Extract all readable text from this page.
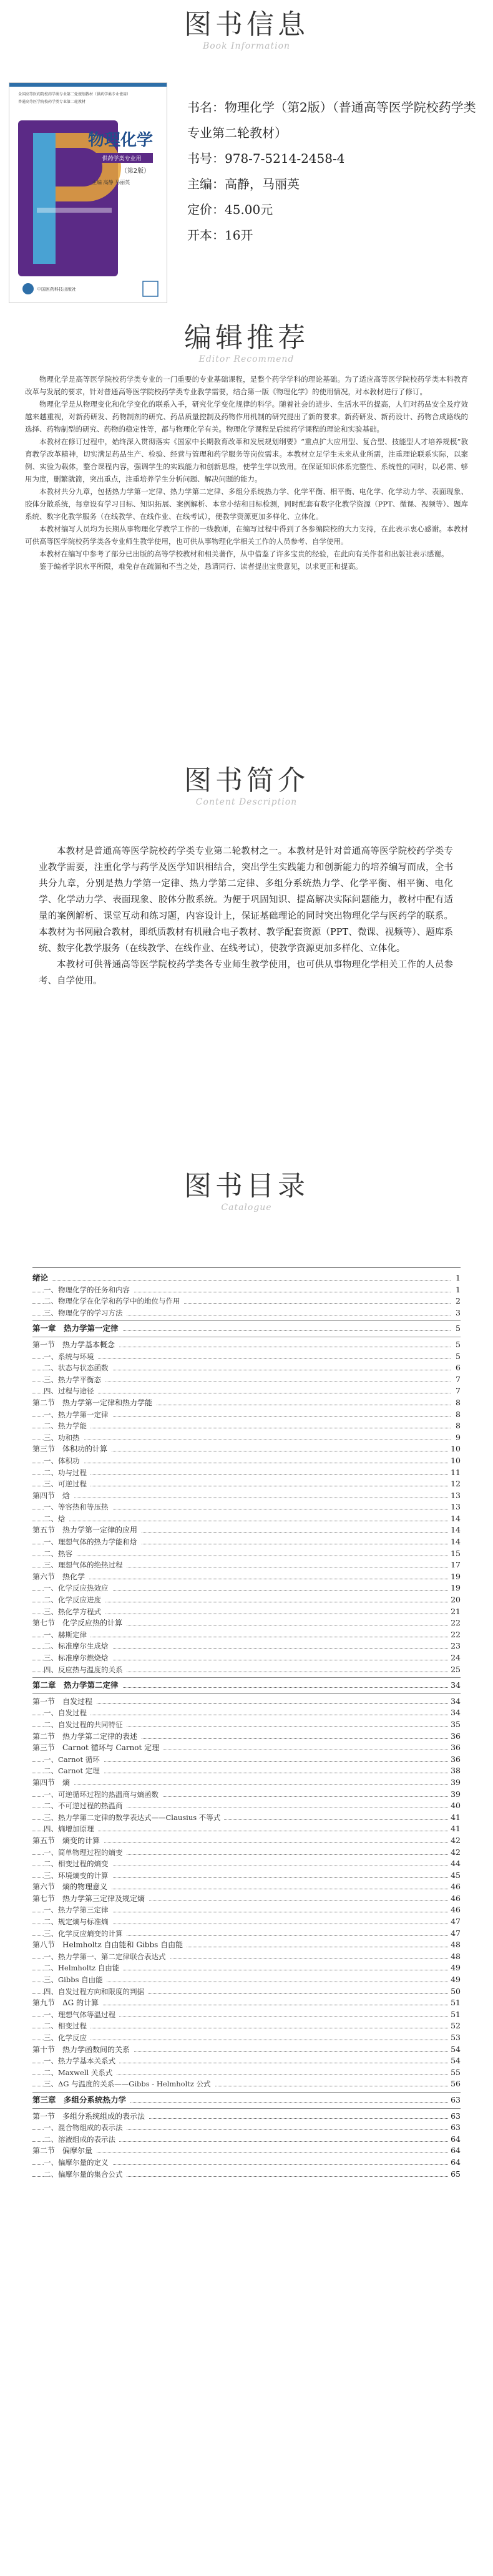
图书信息
Book Information
全国高等医药院校药学类专业第二轮规划教材（供药学类专业使用）
普通高等医学院校药学类专业第二轮教材
物理化学
供药学类专业用
（第2版）
主编 高静 马丽英
中国医药科技出版社
书名：物理化学（第2版）（普通高等医学院校药学类专业第二轮教材）
书号：978-7-5214-2458-4
主编：高静，马丽英
定价：45.00元
开本：16开
编辑推荐
Editor Recommend

物理化学是高等医学院校药学类专业的一门重要的专业基础课程，是整个药学学科的理论基础。为了适应高等医学院校药学类本科教育改革与发展的要求，针对普通高等医学院校药学类专业教学需要，结合第一版《物理化学》的使用情况，对本教材进行了修订。

物理化学是从物理变化和化学变化的联系入手，研究化学变化规律的科学。随着社会的进步、生活水平的提高，人们对药品安全及疗效越来越重视，对新药研发、药物制剂的研究、药品质量控制及药物作用机制的研究提出了新的要求。新药研发、新药设计、药物合成路线的选择、药物制型的研究、药物的稳定性等，都与物理化学有关。物理化学课程是后续药学课程的理论和实验基础。

本教材在修订过程中，始终深入贯彻落实《国家中长期教育改革和发展规划纲要》“重点扩大应用型、复合型、技能型人才培养规模”教育教学改革精神，切实满足药品生产、检验、经营与管理和药学服务等岗位需求。本教材立足学生未来从业所需，注重理论联系实际，以案例、实验为载体，整合课程内容，强调学生的实践能力和创新思维，使学生学以致用。在保证知识体系完整性、系统性的同时，以必需、够用为度，删繁就简，突出重点，注重培养学生分析问题、解决问题的能力。

本教材共分九章，包括热力学第一定律、热力学第二定律、多组分系统热力学、化学平衡、相平衡、电化学、化学动力学、表面现象、胶体分散系统，每章设有学习目标、知识拓展、案例解析、本章小结和目标检测，同时配套有数字化教学资源（PPT、微课、视频等）、题库系统、数字化教学服务（在线教学、在线作业、在线考试），便教学资源更加多样化、立体化。

本教材编写人员均为长期从事物理化学教学工作的一线教师，在编写过程中得到了各参编院校的大力支持，在此表示衷心感谢。本教材可供高等医学院校药学类各专业师生教学使用，也可供从事物理化学相关工作的人员参考、自学使用。

本教材在编写中参考了部分已出版的高等学校教材和相关著作，从中借鉴了许多宝贵的经验，在此向有关作者和出版社表示感谢。

鉴于编者学识水平所限，难免存在疏漏和不当之处，恳请同行、读者提出宝贵意见，以求更正和提高。

图书简介
Content Description

本教材是普通高等医学院校药学类专业第二轮教材之一。本教材是针对普通高等医学院校药学类专业教学需要，注重化学与药学及医学知识相结合，突出学生实践能力和创新能力的培养编写而成，全书共分九章，分别是热力学第一定律、热力学第二定律、多组分系统热力学、化学平衡、相平衡、电化学、化学动力学、表面现象、胶体分散系统。为便于巩固知识、提高解决实际问题能力，教材中配有适量的案例解析、课堂互动和练习题，内容设计上，保证基础理论的同时突出物理化学与医药学的联系。本教材为书网融合教材，即纸质教材有机融合电子教材、教学配套资源（PPT、微课、视频等）、题库系统、数字化教学服务（在线教学、在线作业、在线考试），使教学资源更加多样化、立体化。

本教材可供普通高等医学院校药学类各专业师生教学使用，也可供从事物理化学相关工作的人员参考、自学使用。

图书目录
Catalogue
绪论	1
一、物理化学的任务和内容	1
二、物理化学在化学和药学中的地位与作用	2
三、物理化学的学习方法	3
第一章　热力学第一定律	5
第一节　热力学基本概念	5
一、系统与环境	5
二、状态与状态函数	6
三、热力学平衡态	7
四、过程与途径	7
第二节　热力学第一定律和热力学能	8
一、热力学第一定律	8
二、热力学能	8
三、功和热	9
第三节　体积功的计算	10
一、体积功	10
二、功与过程	11
三、可逆过程	12
第四节　焓	13
一、等容热和等压热	13
二、焓	14
第五节　热力学第一定律的应用	14
一、理想气体的热力学能和焓	14
二、热容	15
三、理想气体的绝热过程	17
第六节　热化学	19
一、化学反应热效应	19
二、化学反应进度	20
三、热化学方程式	21
第七节　化学反应热的计算	22
一、赫斯定律	22
二、标准摩尔生成焓	23
三、标准摩尔燃烧焓	24
四、反应热与温度的关系	25
第二章　热力学第二定律	34
第一节　自发过程	34
一、自发过程	34
二、自发过程的共同特征	35
第二节　热力学第二定律的表述	36
第三节　Carnot 循环与 Carnot 定理	36
一、Carnot 循环	36
二、Carnot 定理	38
第四节　熵	39
一、可逆循环过程的热温商与熵函数	39
二、不可逆过程的热温商	40
三、热力学第二定律的数学表达式——Clausius 不等式	41
四、熵增加原理	41
第五节　熵变的计算	42
一、简单物理过程的熵变	42
二、相变过程的熵变	44
三、环境熵变的计算	45
第六节　熵的物理意义	46
第七节　热力学第三定律及规定熵	46
一、热力学第三定律	46
二、规定熵与标准熵	47
三、化学反应熵变的计算	47
第八节　Helmholtz 自由能和 Gibbs 自由能	48
一、热力学第一、第二定律联合表达式	48
二、Helmholtz 自由能	49
三、Gibbs 自由能	49
四、自发过程方向和限度的判据	50
第九节　ΔG 的计算	51
一、理想气体等温过程	51
二、相变过程	52
三、化学反应	53
第十节　热力学函数间的关系	54
一、热力学基本关系式	54
二、Maxwell 关系式	55
三、ΔG 与温度的关系——Gibbs - Helmholtz 公式	56
第三章　多组分系统热力学	63
第一节　多组分系统组成的表示法	63
一、混合物组成的表示法	63
二、溶液组成的表示法	64
第二节　偏摩尔量	64
一、偏摩尔量的定义	64
二、偏摩尔量的集合公式	65
